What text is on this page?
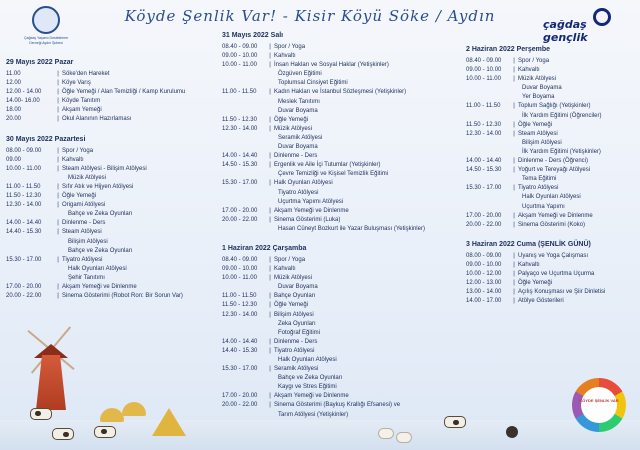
Çağdaş Yaşamı Destekleme Derneği Aydın Şubesi
Köyde Şenlik Var! - Kisir Köyü Söke / Aydın	çağdaş gençlik
KÖYDE ŞENLİK VAR
29 Mayıs 2022 Pazar
11.00	| Söke'den Hareket
12.00	| Köye Varış
12.00 - 14.00	| Öğle Yemeği / Alan Temizliği / Kamp Kurulumu
14.00- 16.00	| Köyde Tanıtım
18.00	| Akşam Yemeği
20.00	| Okul Alanının Hazırlaması
30 Mayıs 2022 Pazartesi
08.00 - 09.00	| Spor / Yoga
09.00	| Kahvaltı
10.00 - 11.00	| Steam Atölyesi - Bilişim Atölyesi
Müzik Atölyesi
11.00 - 11.50	| Sıfır Atık ve Hijyen Atölyesi
11.50 - 12.30	| Öğle Yemeği
12.30 - 14.00	| Origami Atölyesi
Bahçe ve Zeka Oyunları
14.00 - 14.40	| Dinlenme - Ders
14.40 - 15.30	| Steam Atölyesi
Bilişim Atölyesi
Bahçe ve Zeka Oyunları
15.30 - 17.00	| Tiyatro Atölyesi
Halk Oyunları Atölyesi
Şehir Tanıtımı
17.00 - 20.00	| Akşam Yemeği ve Dinlenme
20.00 - 22.00	| Sinema Gösterimi (Robot Ron: Bir Sorun Var)
31 Mayıs 2022 Salı
08.40 - 09.00	| Spor / Yoga
09.00 - 10.00	| Kahvaltı
10.00 - 11.00	| İnsan Hakları ve Sosyal Haklar (Yetişkinler)
Özgüven Eğitimi
Toplumsal Cinsiyet Eğitimi
11.00 - 11.50	| Kadın Hakları ve İstanbul Sözleşmesi (Yetişkinler)
Meslek Tanıtımı
Duvar Boyama
11.50 - 12.30	| Öğle Yemeği
12.30 - 14.00	| Müzik Atölyesi
Seramik Atölyesi
Duvar Boyama
14.00 - 14.40	| Dinlenme - Ders
14.50 - 15.30	| Ergenlik ve Aile İçi Tutumlar (Yetişkinler)
Çevre Temizliği ve Kişisel Temizlik Eğitimi
15.30 - 17.00	| Halk Oyunları Atölyesi
Tiyatro Atölyesi
Uçurtma Yapımı Atölyesi
17.00 - 20.00	| Akşam Yemeği ve Dinlenme
20.00 - 22.00	| Sinema Gösterimi (Luka)
Hasan Cüneyt Bozkurt ile Yazar Buluşması (Yetişkinler)
1 Haziran 2022 Çarşamba
08.40 - 09.00	| Spor / Yoga
09.00 - 10.00	| Kahvaltı
10.00 - 11.00	| Müzik Atölyesi
Duvar Boyama
11.00 - 11.50	| Bahçe Oyunları
11.50 - 12.30	| Öğle Yemeği
12.30 - 14.00	| Bilişim Atölyesi
Zeka Oyunları
Fotoğraf Eğitimi
14.00 - 14.40	| Dinlenme - Ders
14.40 - 15.30	| Tiyatro Atölyesi
Halk Oyunları Atölyesi
15.30 - 17.00	| Seramik Atölyesi
Bahçe ve Zeka Oyunları
Kaygı ve Stres Eğitimi
17.00 - 20.00	| Akşam Yemeği ve Dinlenme
20.00 - 22.00	| Sinema Gösterimi (Baykuş Krallığı Efsanesi) ve
Tarım Atölyesi (Yetişkinler)
2 Haziran 2022 Perşembe
08.40 - 09.00	| Spor / Yoga
09.00 - 10.00	| Kahvaltı
10.00 - 11.00	| Müzik Atölyesi
Duvar Boyama
Yer Boyama
11.00 - 11.50	| Toplum Sağlığı (Yetişkinler)
İlk Yardım Eğitimi (Öğrenciler)
11.50 - 12.30	| Öğle Yemeği
12.30 - 14.00	| Steam Atölyesi
Bilişim Atölyesi
İlk Yardım Eğitimi (Yetişkinler)
14.00 - 14.40	| Dinlenme - Ders (Öğrenci)
14.50 - 15.30	| Yoğurt ve Tereyağı Atölyesi
Tema Eğitimi
15.30 - 17.00	| Tiyatro Atölyesi
Halk Oyunları Atölyesi
Uçurtma Yapımı
17.00 - 20.00	| Akşam Yemeği ve Dinlenme
20.00 - 22.00	| Sinema Gösterimi (Koko)
3 Haziran 2022 Cuma (ŞENLİK GÜNÜ)
08.00 - 09.00	| Uyanış ve Yoga Çalışması
09.00 - 10.00	| Kahvaltı
10.00 - 12.00	| Palyaço ve Uçurtma Uçurma
12.00 - 13.00	| Öğle Yemeği
13.00 - 14.00	| Açılış Konuşması ve Şiir Dinletisi
14.00 - 17.00	| Atölye Gösterileri
